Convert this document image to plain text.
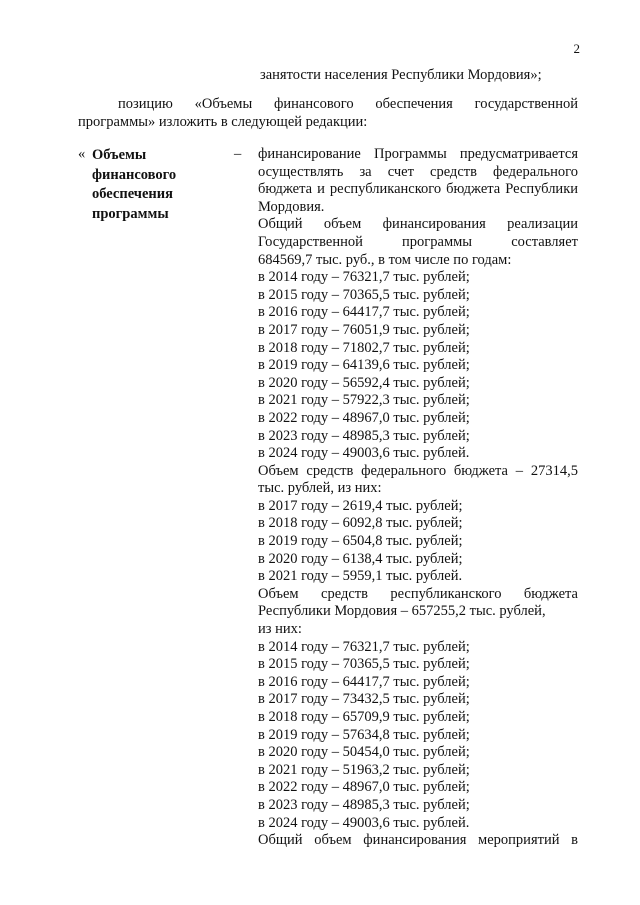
2
занятости населения Республики Мордовия»;
позицию «Объемы финансового обеспечения государственной
программы» изложить в следующей редакции:
« Объемы
финансового
обеспечения
программы
– финансирование Программы предусматривается
осуществлять за счет средств федерального
бюджета и республиканского бюджета Республики
Мордовия.
Общий объем финансирования реализации
Государственной программы составляет
684569,7 тыс. руб., в том числе по годам:
в 2014 году – 76321,7 тыс. рублей;
в 2015 году – 70365,5 тыс. рублей;
в 2016 году – 64417,7 тыс. рублей;
в 2017 году – 76051,9 тыс. рублей;
в 2018 году – 71802,7 тыс. рублей;
в 2019 году – 64139,6 тыс. рублей;
в 2020 году – 56592,4 тыс. рублей;
в 2021 году – 57922,3 тыс. рублей;
в 2022 году – 48967,0 тыс. рублей;
в 2023 году – 48985,3 тыс. рублей;
в 2024 году – 49003,6 тыс. рублей.
Объем средств федерального бюджета – 27314,5
тыс. рублей, из них:
в 2017 году – 2619,4 тыс. рублей;
в 2018 году – 6092,8 тыс. рублей;
в 2019 году – 6504,8 тыс. рублей;
в 2020 году – 6138,4 тыс. рублей;
в 2021 году – 5959,1 тыс. рублей.
Объем средств республиканского бюджета
Республики Мордовия – 657255,2 тыс. рублей,
из них:
в 2014 году – 76321,7 тыс. рублей;
в 2015 году – 70365,5 тыс. рублей;
в 2016 году – 64417,7 тыс. рублей;
в 2017 году – 73432,5 тыс. рублей;
в 2018 году – 65709,9 тыс. рублей;
в 2019 году – 57634,8 тыс. рублей;
в 2020 году – 50454,0 тыс. рублей;
в 2021 году – 51963,2 тыс. рублей;
в 2022 году – 48967,0 тыс. рублей;
в 2023 году – 48985,3 тыс. рублей;
в 2024 году – 49003,6 тыс. рублей.
Общий объем финансирования мероприятий в
